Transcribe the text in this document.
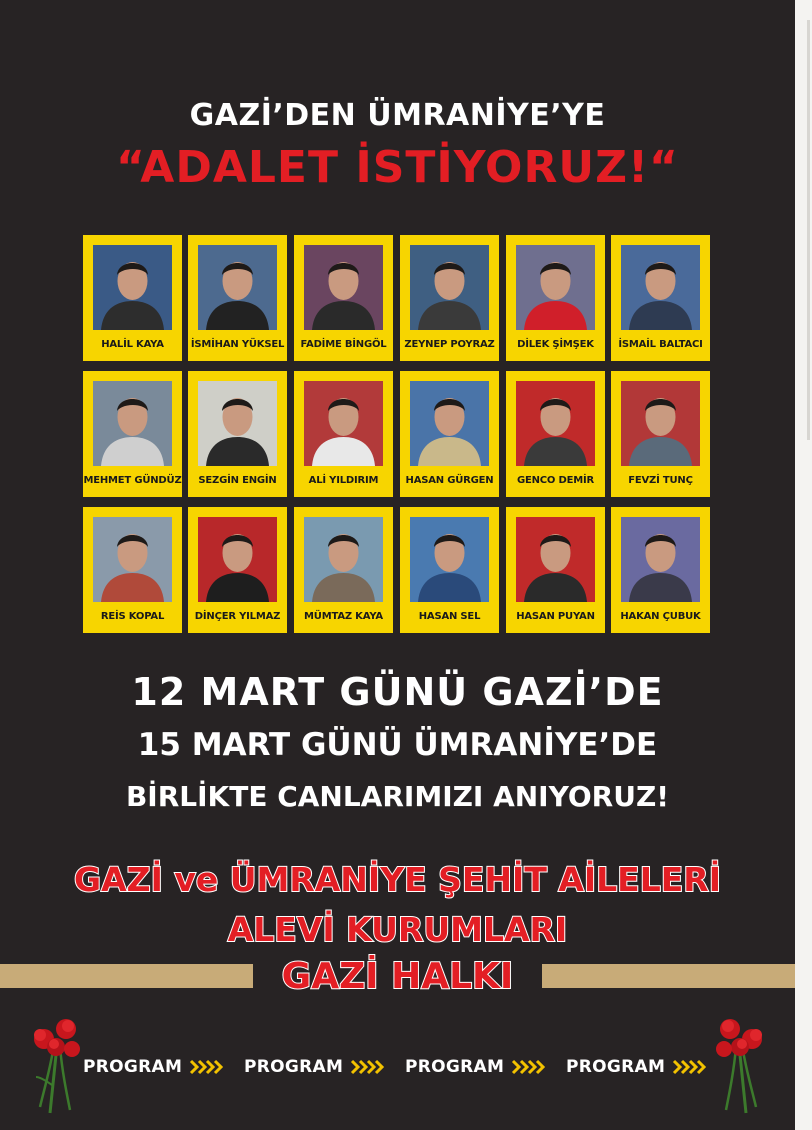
GAZİ’DEN ÜMRANİYE’YE
“ADALET İSTİYORUZ!“
HALİL KAYA	İSMİHAN YÜKSEL	FADİME BİNGÖL	ZEYNEP POYRAZ	DİLEK ŞİMŞEK	İSMAİL BALTACI
MEHMET GÜNDÜZ	SEZGİN ENGİN	ALİ YILDIRIM	HASAN GÜRGEN	GENCO DEMİR	FEVZİ TUNÇ
REİS KOPAL	DİNÇER YILMAZ	MÜMTAZ KAYA	HASAN SEL	HASAN PUYAN	HAKAN ÇUBUK
12 MART GÜNÜ GAZİ’DE
15 MART GÜNÜ ÜMRANİYE’DE
BİRLİKTE CANLARIMIZI ANIYORUZ!
GAZİ ve ÜMRANİYE ŞEHİT AİLELERİ
ALEVİ KURUMLARI
GAZİ HALKI
PROGRAM	PROGRAM	PROGRAM	PROGRAM
